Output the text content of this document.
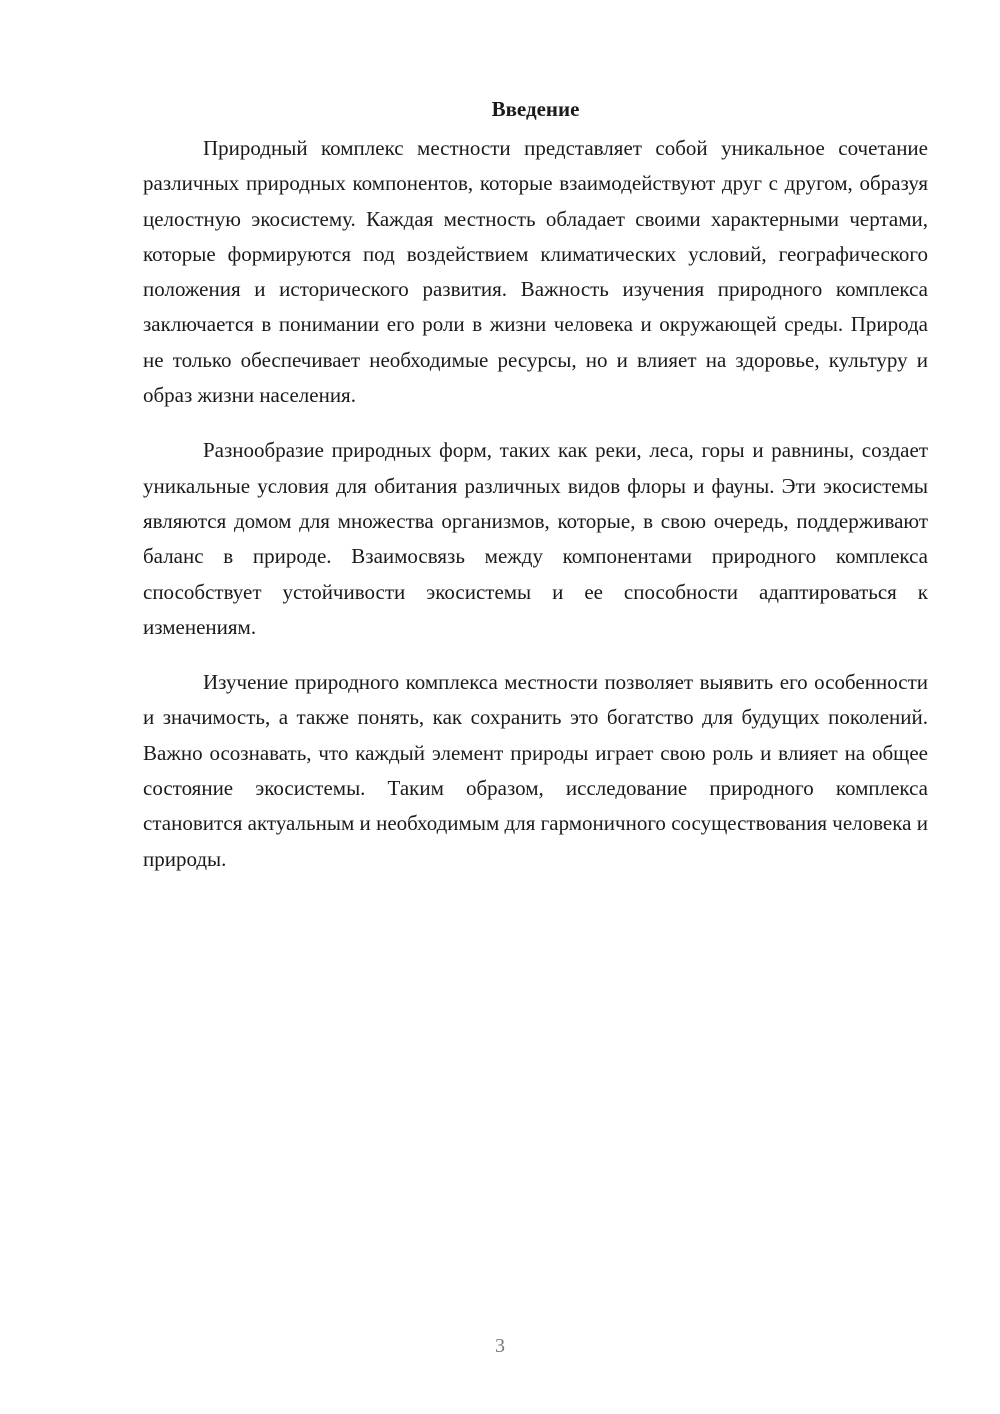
Введение

Природный комплекс местности представляет собой уникальное сочетание различных природных компонентов, которые взаимодействуют друг с другом, образуя целостную экосистему. Каждая местность обладает своими характерными чертами, которые формируются под воздействием климатических условий, географического положения и исторического развития. Важность изучения природного комплекса заключается в понимании его роли в жизни человека и окружающей среды. Природа не только обеспечивает необходимые ресурсы, но и влияет на здоровье, культуру и образ жизни населения.

Разнообразие природных форм, таких как реки, леса, горы и равнины, создает уникальные условия для обитания различных видов флоры и фауны. Эти экосистемы являются домом для множества организмов, которые, в свою очередь, поддерживают баланс в природе. Взаимосвязь между компонентами природного комплекса способствует устойчивости экосистемы и ее способности адаптироваться к изменениям.

Изучение природного комплекса местности позволяет выявить его особенности и значимость, а также понять, как сохранить это богатство для будущих поколений. Важно осознавать, что каждый элемент природы играет свою роль и влияет на общее состояние экосистемы. Таким образом, исследование природного комплекса становится актуальным и необходимым для гармоничного сосуществования человека и природы.

3
